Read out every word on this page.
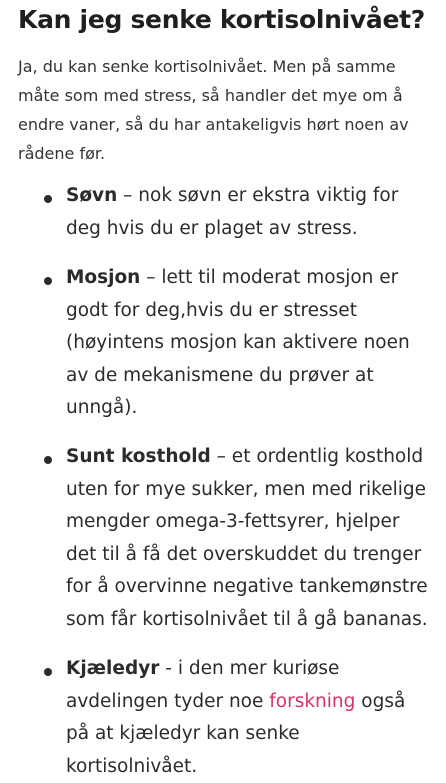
Kan jeg senke kortisolnivået?

Ja, du kan senke kortisolnivået. Men på samme måte som med stress, så handler det mye om å endre vaner, så du har antakeligvis hørt noen av rådene før.

Søvn – nok søvn er ekstra viktig for deg hvis du er plaget av stress.

Mosjon – lett til moderat mosjon er godt for deg,hvis du er stresset (høyintens mosjon kan aktivere noen av de mekanismene du prøver at unngå).

Sunt kosthold – et ordentlig kosthold uten for mye sukker, men med rikelige mengder omega-3-fettsyrer, hjelper det til å få det overskuddet du trenger for å overvinne negative tankemønstre som får kortisolnivået til å gå bananas.

Kjæledyr - i den mer kuriøse avdelingen tyder noe forskning også på at kjæledyr kan senke kortisolnivået.
